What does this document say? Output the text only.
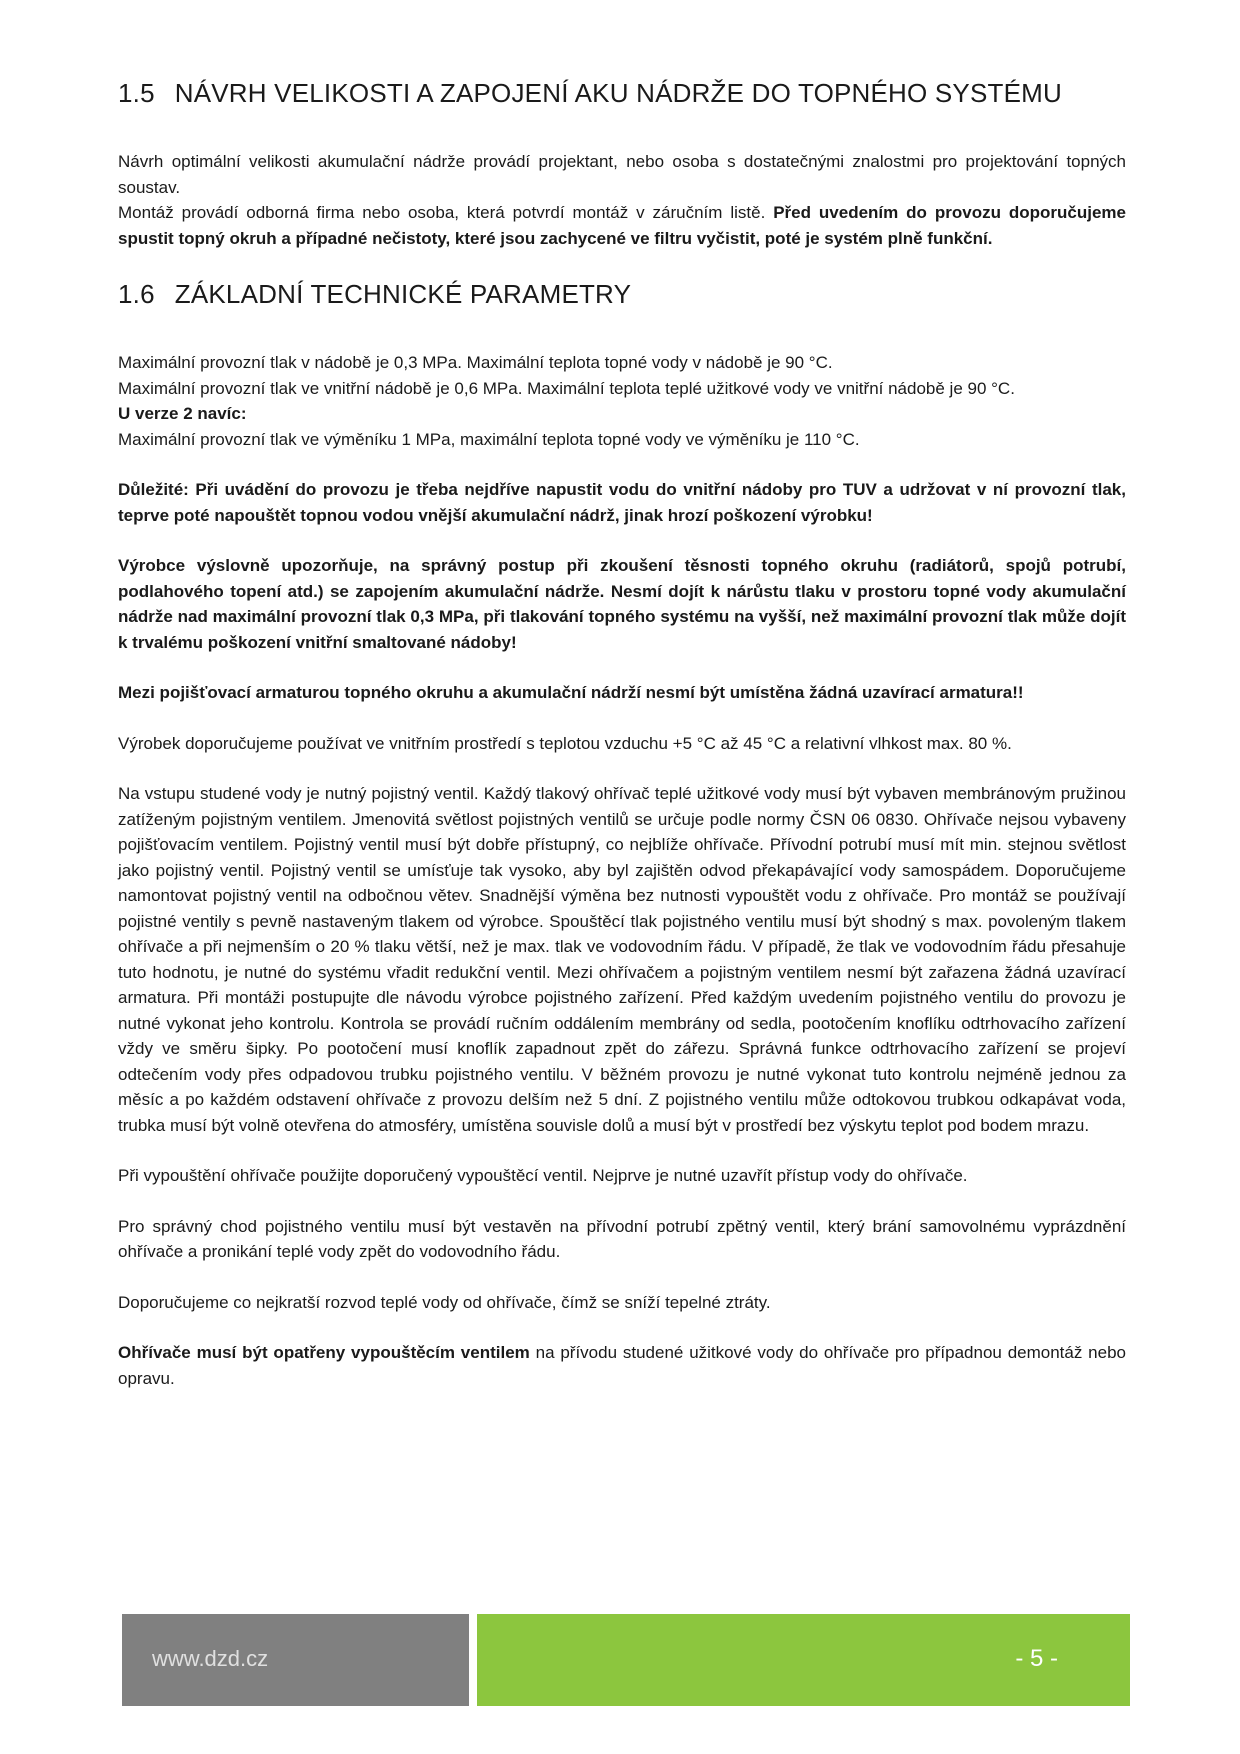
1.5 NÁVRH VELIKOSTI A ZAPOJENÍ AKU NÁDRŽE DO TOPNÉHO SYSTÉMU

Návrh optimální velikosti akumulační nádrže provádí projektant, nebo osoba s dostatečnými znalostmi pro projektování topných soustav.

Montáž provádí odborná firma nebo osoba, která potvrdí montáž v záručním listě. Před uvedením do provozu doporučujeme spustit topný okruh a případné nečistoty, které jsou zachycené ve filtru vyčistit, poté je systém plně funkční.

1.6 ZÁKLADNÍ TECHNICKÉ PARAMETRY

Maximální provozní tlak v nádobě je 0,3 MPa. Maximální teplota topné vody v nádobě je 90 °C.

Maximální provozní tlak ve vnitřní nádobě je 0,6 MPa. Maximální teplota teplé užitkové vody ve vnitřní nádobě je 90 °C.

U verze 2 navíc:

Maximální provozní tlak ve výměníku 1 MPa, maximální teplota topné vody ve výměníku je 110 °C.

Důležité: Při uvádění do provozu je třeba nejdříve napustit vodu do vnitřní nádoby pro TUV a udržovat v ní provozní tlak, teprve poté napouštět topnou vodou vnější akumulační nádrž, jinak hrozí poškození výrobku!

Výrobce výslovně upozorňuje, na správný postup při zkoušení těsnosti topného okruhu (radiátorů, spojů potrubí, podlahového topení atd.) se zapojením akumulační nádrže. Nesmí dojít k nárůstu tlaku v prostoru topné vody akumulační nádrže nad maximální provozní tlak 0,3 MPa, při tlakování topného systému na vyšší, než maximální provozní tlak může dojít k trvalému poškození vnitřní smaltované nádoby!

Mezi pojišťovací armaturou topného okruhu a akumulační nádrží nesmí být umístěna žádná uzavírací armatura!!

Výrobek doporučujeme používat ve vnitřním prostředí s teplotou vzduchu +5 °C až 45 °C a relativní vlhkost max. 80 %.

Na vstupu studené vody je nutný pojistný ventil. Každý tlakový ohřívač teplé užitkové vody musí být vybaven membránovým pružinou zatíženým pojistným ventilem. Jmenovitá světlost pojistných ventilů se určuje podle normy ČSN 06 0830. Ohřívače nejsou vybaveny pojišťovacím ventilem. Pojistný ventil musí být dobře přístupný, co nejblíže ohřívače. Přívodní potrubí musí mít min. stejnou světlost jako pojistný ventil. Pojistný ventil se umísťuje tak vysoko, aby byl zajištěn odvod překapávající vody samospádem. Doporučujeme namontovat pojistný ventil na odbočnou větev. Snadnější výměna bez nutnosti vypouštět vodu z ohřívače. Pro montáž se používají pojistné ventily s pevně nastaveným tlakem od výrobce. Spouštěcí tlak pojistného ventilu musí být shodný s max. povoleným tlakem ohřívače a při nejmenším o 20 % tlaku větší, než je max. tlak ve vodovodním řádu. V případě, že tlak ve vodovodním řádu přesahuje tuto hodnotu, je nutné do systému vřadit redukční ventil. Mezi ohřívačem a pojistným ventilem nesmí být zařazena žádná uzavírací armatura. Při montáži postupujte dle návodu výrobce pojistného zařízení. Před každým uvedením pojistného ventilu do provozu je nutné vykonat jeho kontrolu. Kontrola se provádí ručním oddálením membrány od sedla, pootočením knoflíku odtrhovacího zařízení vždy ve směru šipky. Po pootočení musí knoflík zapadnout zpět do zářezu. Správná funkce odtrhovacího zařízení se projeví odtečením vody přes odpadovou trubku pojistného ventilu. V běžném provozu je nutné vykonat tuto kontrolu nejméně jednou za měsíc a po každém odstavení ohřívače z provozu delším než 5 dní. Z pojistného ventilu může odtokovou trubkou odkapávat voda, trubka musí být volně otevřena do atmosféry, umístěna souvisle dolů a musí být v prostředí bez výskytu teplot pod bodem mrazu.

Při vypouštění ohřívače použijte doporučený vypouštěcí ventil. Nejprve je nutné uzavřít přístup vody do ohřívače.

Pro správný chod pojistného ventilu musí být vestavěn na přívodní potrubí zpětný ventil, který brání samovolnému vyprázdnění ohřívače a pronikání teplé vody zpět do vodovodního řádu.

Doporučujeme co nejkratší rozvod teplé vody od ohřívače, čímž se sníží tepelné ztráty.

Ohřívače musí být opatřeny vypouštěcím ventilem na přívodu studené užitkové vody do ohřívače pro případnou demontáž nebo opravu.

www.dzd.cz	- 5 -
